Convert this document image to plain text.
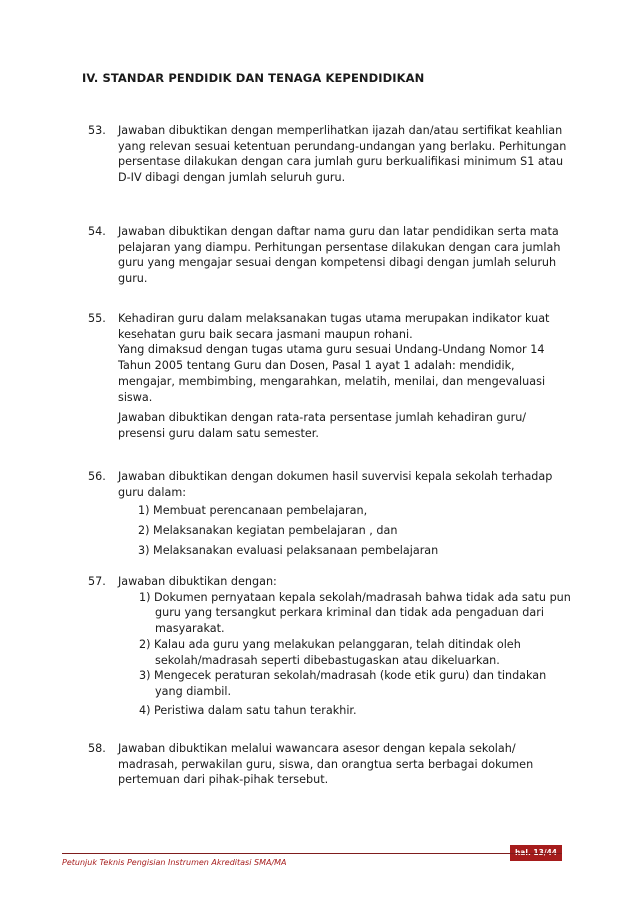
IV. STANDAR PENDIDIK DAN TENAGA KEPENDIDIKAN
53. Jawaban dibuktikan dengan memperlihatkan ijazah dan/atau sertifikat keahlian yang relevan sesuai ketentuan perundang-undangan yang berlaku. Perhitungan persentase dilakukan dengan cara jumlah guru berkualifikasi minimum S1 atau D-IV dibagi dengan jumlah seluruh guru.

54. Jawaban dibuktikan dengan daftar nama guru dan latar pendidikan serta mata pelajaran yang diampu. Perhitungan persentase dilakukan dengan cara jumlah guru yang mengajar sesuai dengan kompetensi dibagi dengan jumlah seluruh guru.

55. Kehadiran guru dalam melaksanakan tugas utama merupakan indikator kuat kesehatan guru baik secara jasmani maupun rohani.

Yang dimaksud dengan tugas utama guru sesuai Undang-Undang Nomor 14 Tahun 2005 tentang Guru dan Dosen, Pasal 1 ayat 1 adalah: mendidik, mengajar, membimbing, mengarahkan, melatih, menilai, dan mengevaluasi siswa.

Jawaban dibuktikan dengan rata-rata persentase jumlah kehadiran guru/ presensi guru dalam satu semester.

56. Jawaban dibuktikan dengan dokumen hasil suvervisi kepala sekolah terhadap guru dalam:

1) Membuat perencanaan pembelajaran,

2) Melaksanakan kegiatan pembelajaran , dan

3) Melaksanakan evaluasi pelaksanaan pembelajaran

57. Jawaban dibuktikan dengan:

1) Dokumen pernyataan kepala sekolah/madrasah bahwa tidak ada satu pun guru yang tersangkut perkara kriminal dan tidak ada pengaduan dari masyarakat.
2) Kalau ada guru yang melakukan pelanggaran, telah ditindak oleh sekolah/madrasah seperti dibebastugaskan atau dikeluarkan.
3) Mengecek peraturan sekolah/madrasah (kode etik guru) dan tindakan yang diambil.
4) Peristiwa dalam satu tahun terakhir.
58. Jawaban dibuktikan melalui wawancara asesor dengan kepala sekolah/ madrasah, perwakilan guru, siswa, dan orangtua serta berbagai dokumen pertemuan dari pihak-pihak tersebut.

hal. 13/44
Petunjuk Teknis Pengisian Instrumen Akreditasi SMA/MA
